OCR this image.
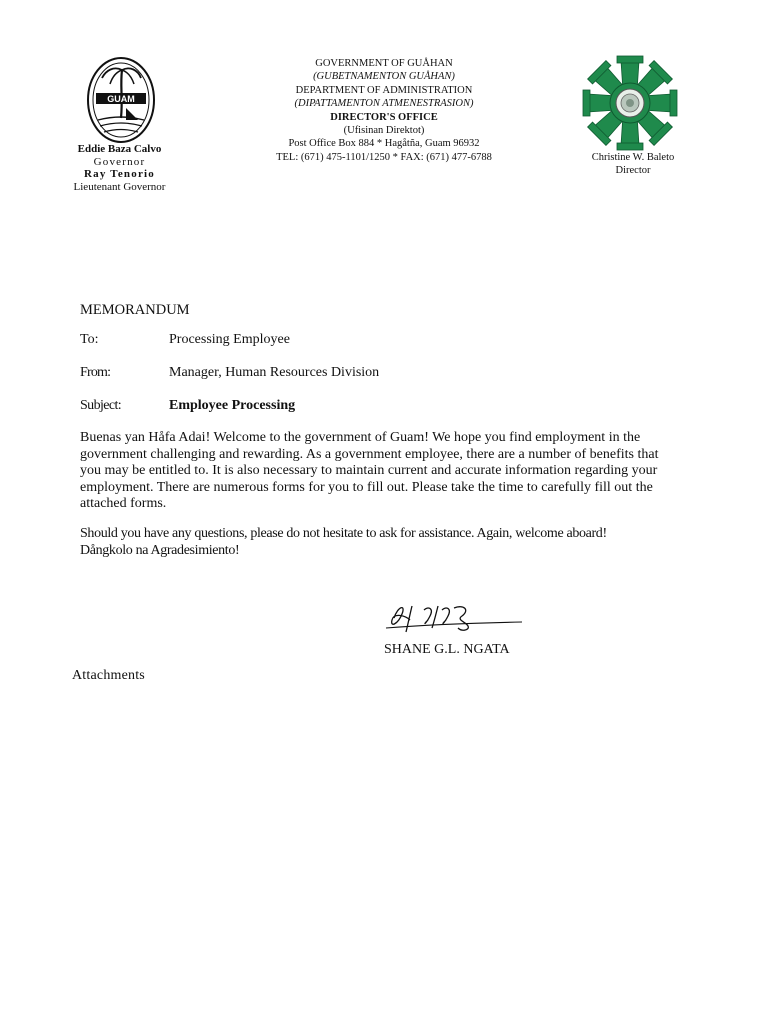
GUAM
Eddie Baza Calvo
Governor
Ray Tenorio
Lieutenant Governor
GOVERNMENT OF GUÅHAN
(GUBETNAMENTON GUÅHAN)
DEPARTMENT OF ADMINISTRATION
(DIPATTAMENTON ATMENESTRASION)
DIRECTOR'S OFFICE
(Ufisinan Direktot)
Post Office Box 884 * Hagåtña, Guam 96932
TEL: (671) 475-1101/1250 * FAX: (671) 477-6788	Christine W. Baleto
Director
MEMORANDUM
To:	Processing Employee
From:	Manager, Human Resources Division
Subject:	Employee Processing
Buenas yan Håfa Adai! Welcome to the government of Guam! We hope you find employment in the government challenging and rewarding. As a government employee, there are a number of benefits that you may be entitled to. It is also necessary to maintain current and accurate information regarding your employment. There are numerous forms for you to fill out. Please take the time to carefully fill out the attached forms.
Should you have any questions, please do not hesitate to ask for assistance. Again, welcome aboard!
Dångkolo na Agradesimiento!
SHANE G.L. NGATA
Attachments
